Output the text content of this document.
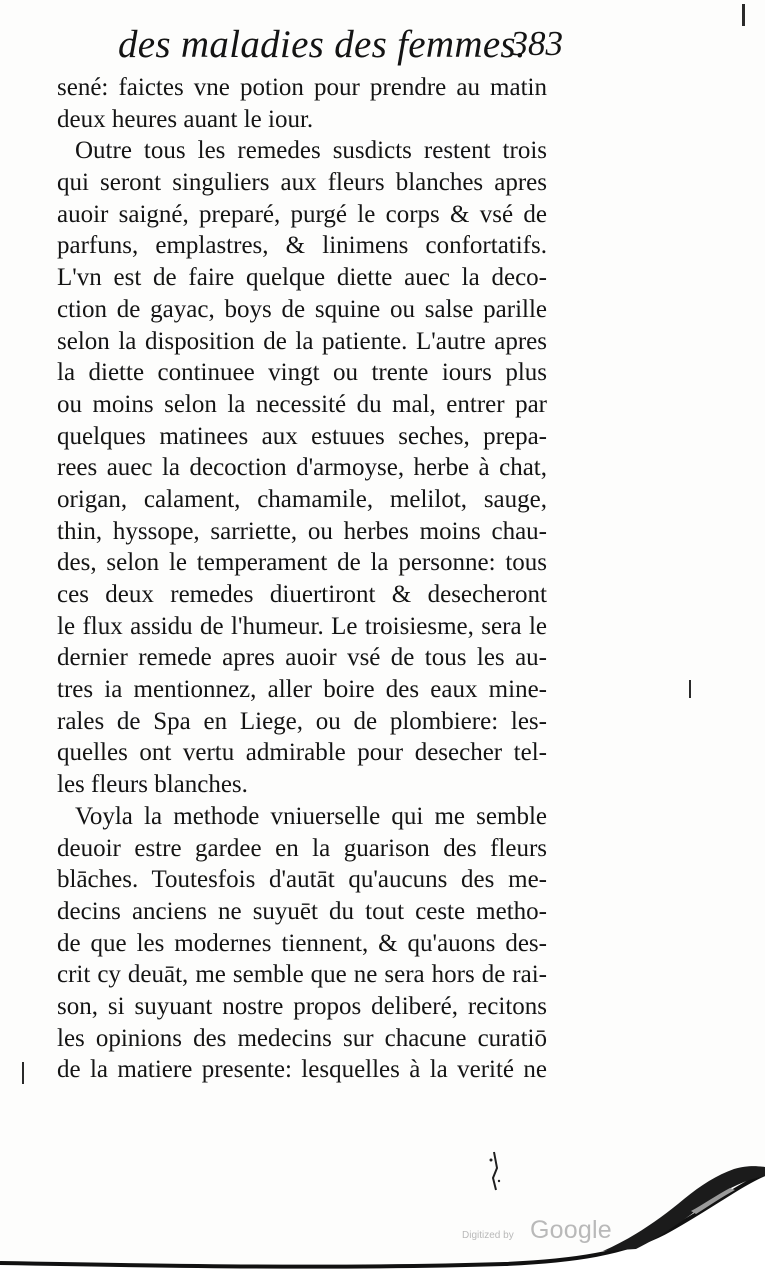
des maladies des femmes.
383
sené: faictes vne potion pour prendre au matin
deux heures auant le iour.
Outre tous les remedes susdicts restent trois
qui seront singuliers aux fleurs blanches apres
auoir saigné, preparé, purgé le corps & vsé de
parfuns, emplastres, & linimens confortatifs.
L'vn est de faire quelque diette auec la deco-
ction de gayac, boys de squine ou salse parille
selon la disposition de la patiente. L'autre apres
la diette continuee vingt ou trente iours plus
ou moins selon la necessité du mal, entrer par
quelques matinees aux estuues seches, prepa-
rees auec la decoction d'armoyse, herbe à chat,
origan, calament, chamamile, melilot, sauge,
thin, hyssope, sarriette, ou herbes moins chau-
des, selon le temperament de la personne: tous
ces deux remedes diuertiront & desecheront
le flux assidu de l'humeur. Le troisiesme, sera le
dernier remede apres auoir vsé de tous les au-
tres ia mentionnez, aller boire des eaux mine-
rales de Spa en Liege, ou de plombiere: les-
quelles ont vertu admirable pour desecher tel-
les fleurs blanches.
Voyla la methode vniuerselle qui me semble
deuoir estre gardee en la guarison des fleurs
blāches. Toutesfois d'autāt qu'aucuns des me-
decins anciens ne suyuēt du tout ceste metho-
de que les modernes tiennent, & qu'auons des-
crit cy deuāt, me semble que ne sera hors de rai-
son, si suyuant nostre propos deliberé, recitons
les opinions des medecins sur chacune curatiō
de la matiere presente: lesquelles à la verité ne
Digitized by Google
